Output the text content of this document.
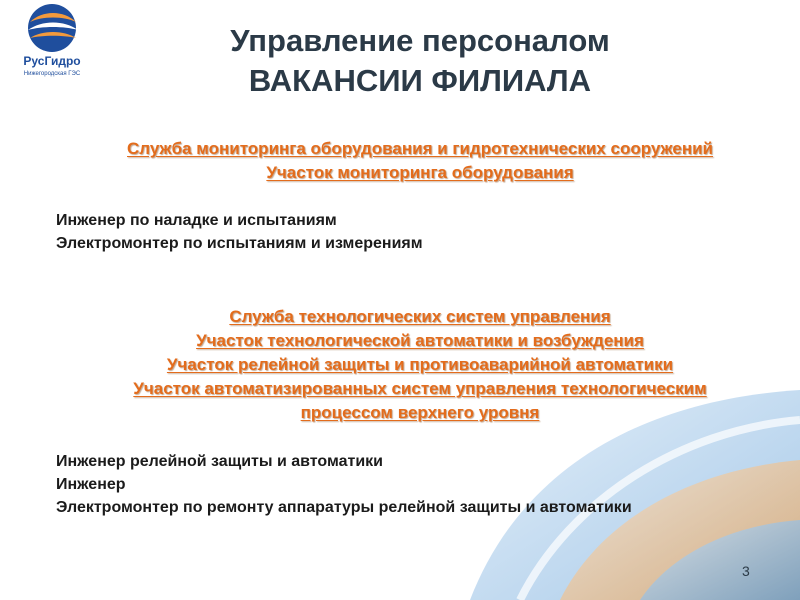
РусГидро
Нижегородская ГЭС
Управление персоналом
ВАКАНСИИ ФИЛИАЛА
Служба мониторинга оборудования и гидротехнических сооружений
Участок мониторинга оборудования
Инженер по наладке и испытаниям
Электромонтер по испытаниям и измерениям
Служба технологических систем управления
Участок технологической автоматики и возбуждения
Участок релейной защиты и противоаварийной автоматики
Участок автоматизированных систем управления технологическим
процессом верхнего уровня
Инженер релейной защиты и автоматики
Инженер
Электромонтер по ремонту аппаратуры релейной защиты и автоматики
3
